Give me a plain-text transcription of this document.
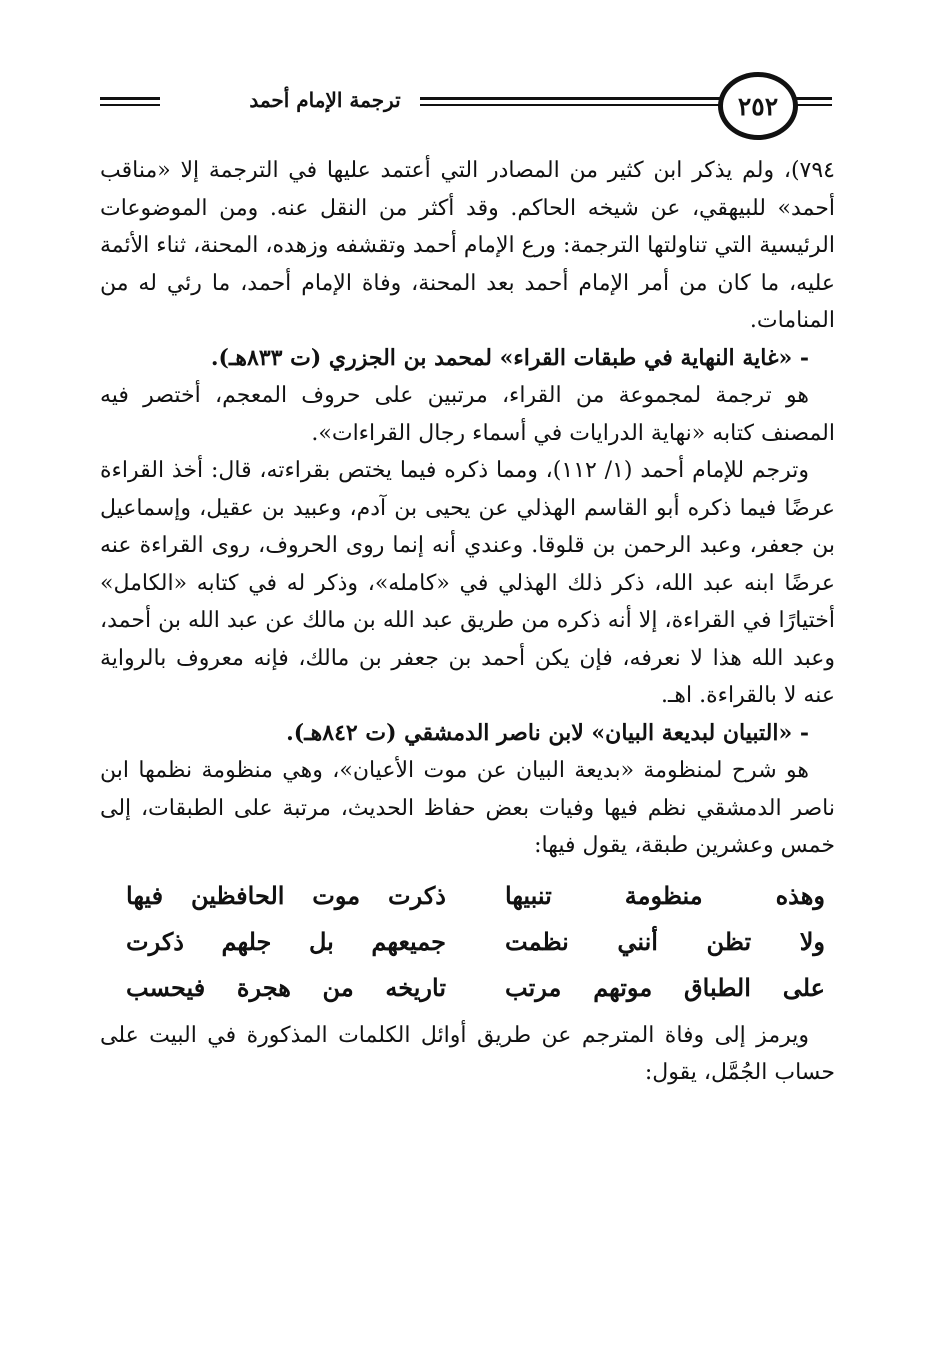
ترجمة الإمام أحمد	٢٥٢

٧٩٤)، ولم يذكر ابن كثير من المصادر التي أعتمد عليها في الترجمة إلا «مناقب أحمد» للبيهقي، عن شيخه الحاكم. وقد أكثر من النقل عنه. ومن الموضوعات الرئيسية التي تناولتها الترجمة: ورع الإمام أحمد وتقشفه وزهده، المحنة، ثناء الأئمة عليه، ما كان من أمر الإمام أحمد بعد المحنة، وفاة الإمام أحمد، ما رئي له من المنامات.

- «غاية النهاية في طبقات القراء» لمحمد بن الجزري (ت ٨٣٣هـ).

هو ترجمة لمجموعة من القراء، مرتبين على حروف المعجم، أختصر فيه المصنف كتابه «نهاية الدرايات في أسماء رجال القراءات».

وترجم للإمام أحمد (١/ ١١٢)، ومما ذكره فيما يختص بقراءته، قال: أخذ القراءة عرضًا فيما ذكره أبو القاسم الهذلي عن يحيى بن آدم، وعبيد بن عقيل، وإسماعيل بن جعفر، وعبد الرحمن بن قلوقا. وعندي أنه إنما روى الحروف، روى القراءة عنه عرضًا ابنه عبد الله، ذكر ذلك الهذلي في «كامله»، وذكر له في كتابه «الكامل» أختيارًا في القراءة، إلا أنه ذكره من طريق عبد الله بن مالك عن عبد الله بن أحمد، وعبد الله هذا لا نعرفه، فإن يكن أحمد بن جعفر بن مالك، فإنه معروف بالرواية عنه لا بالقراءة. اهـ.

- «التبيان لبديعة البيان» لابن ناصر الدمشقي (ت ٨٤٢هـ).

هو شرح لمنظومة «بديعة البيان عن موت الأعيان»، وهي منظومة نظمها ابن ناصر الدمشقي نظم فيها وفيات بعض حفاظ الحديث، مرتبة على الطبقات، إلى خمس وعشرين طبقة، يقول فيها:

وهذه منظومة تنبيها
ذكرت موت الحافظين فيها
ولا تظن أنني نظمت
جميعهم بل جلهم ذكرت
على الطباق موتهم مرتب
تاريخه من هجرة فيحسب

ويرمز إلى وفاة المترجم عن طريق أوائل الكلمات المذكورة في البيت على حساب الجُمَّل، يقول:
